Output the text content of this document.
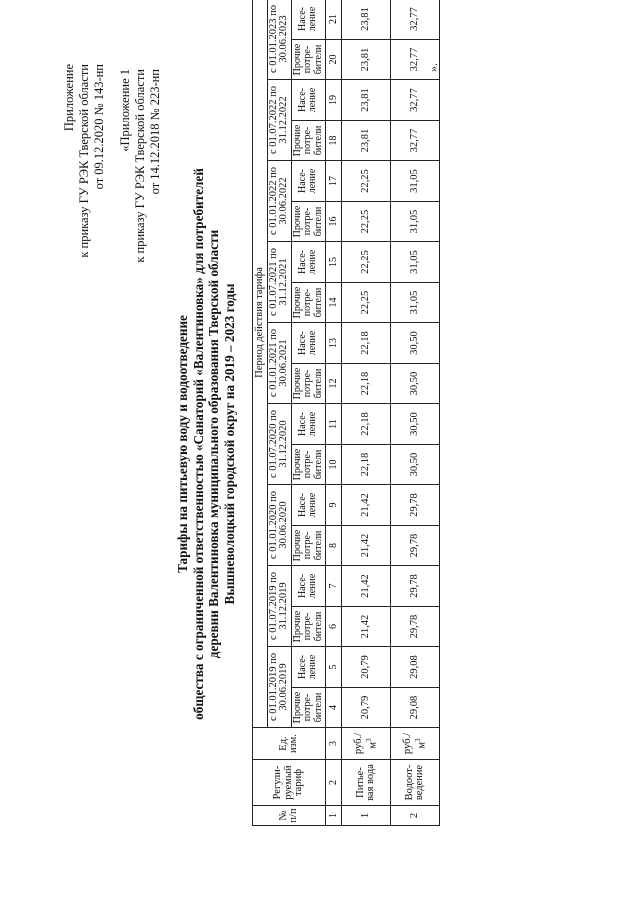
Приложение к приказу ГУ РЭК Тверской области от 09.12.2020 № 143-нп «Приложение 1 к приказу ГУ РЭК Тверской области от 14.12.2018 № 223-нп
Тарифы на питьевую воду и водоотведение общества с ограниченной ответственностью «Санаторий «Валентиновка» для потребителей деревни Валентиновка муниципального образования Тверской области Вышневолоцкий городской округ на 2019 – 2023 годы
№ п/п	Регули-руемый тариф	Ед. изм.	Период действия тарифа																			
			с 01.01.2019 по 30.06.2019		с 01.07.2019 по 31.12.2019		с 01.01.2020 по 30.06.2020		с 01.07.2020 по 31.12.2020		с 01.01.2021 по 30.06.2021		с 01.07.2021 по 31.12.2021		с 01.01.2022 по 30.06.2022		с 01.07.2022 по 31.12.2022		с 01.01.2023 по 30.06.2023	
			Прочие потре-бители	Насе-ление	Прочие потре-бители	Насе-ление	Прочие потре-бители	Насе-ление	Прочие потре-бители	Насе-ление	Прочие потре-бители	Насе-ление	Прочие потре-бители	Насе-ление	Прочие потре-бители	Насе-ление	Прочие потре-бители	Насе-ление	Прочие потре-бители	Насе-ление		
1	2	3	4	5	6	7	8	9	10	11	12	13	14	15	16	17	18	19	20	21		
1	Питье-вая вода	$руб./м^3$	20,79	20,79	21,42	21,42	21,42	21,42	22,18	22,18	22,18	22,18	22,25	22,25	22,25	22,25	23,81	23,81	23,81	23,81		
2	Водоот-ведение	$руб./м^3$	29,08	29,08	29,78	29,78	29,78	29,78	30,50	30,50	30,50	30,50	31,05	31,05	31,05	31,05	32,77	32,77	32,77	32,77		
».
